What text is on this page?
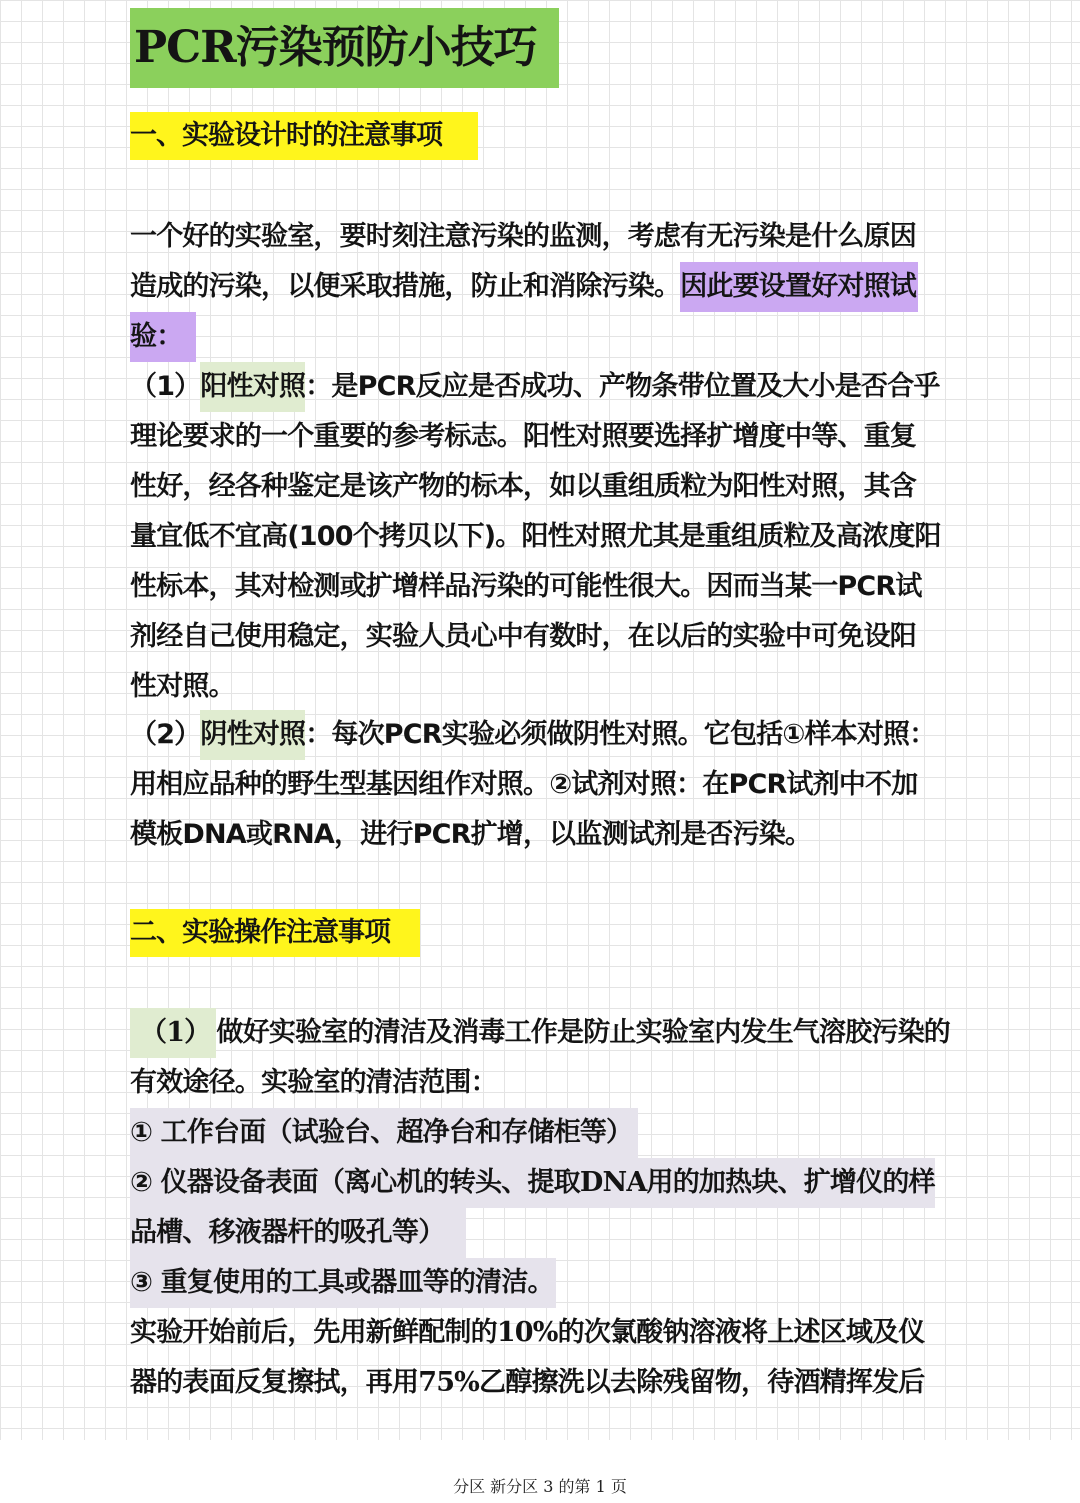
PCR污染预防小技巧
一、实验设计时的注意事项
一个好的实验室，要时刻注意污染的监测，考虑有无污染是什么原因
造成的污染，以便采取措施，防止和消除污染。因此要设置好对照试
验：
（1）阳性对照：是PCR反应是否成功、产物条带位置及大小是否合乎
理论要求的一个重要的参考标志。阳性对照要选择扩增度中等、重复
性好，经各种鉴定是该产物的标本，如以重组质粒为阳性对照，其含
量宜低不宜高(100个拷贝以下)。阳性对照尤其是重组质粒及高浓度阳
性标本，其对检测或扩增样品污染的可能性很大。因而当某一PCR试
剂经自己使用稳定，实验人员心中有数时，在以后的实验中可免设阳
性对照。
（2）阴性对照：每次PCR实验必须做阴性对照。它包括①样本对照：
用相应品种的野生型基因组作对照。②试剂对照：在PCR试剂中不加
模板DNA或RNA，进行PCR扩增，以监测试剂是否污染。
二、实验操作注意事项
（1） 做好实验室的清洁及消毒工作是防止实验室内发生气溶胶污染的
有效途径。实验室的清洁范围：
① 工作台面（试验台、超净台和存储柜等）
② 仪器设备表面（离心机的转头、提取DNA用的加热块、扩增仪的样
品槽、移液器杆的吸孔等）
③ 重复使用的工具或器皿等的清洁。
实验开始前后，先用新鲜配制的10%的次氯酸钠溶液将上述区域及仪
器的表面反复擦拭，再用75%乙醇擦洗以去除残留物，待酒精挥发后
分区 新分区 3 的第 1 页
